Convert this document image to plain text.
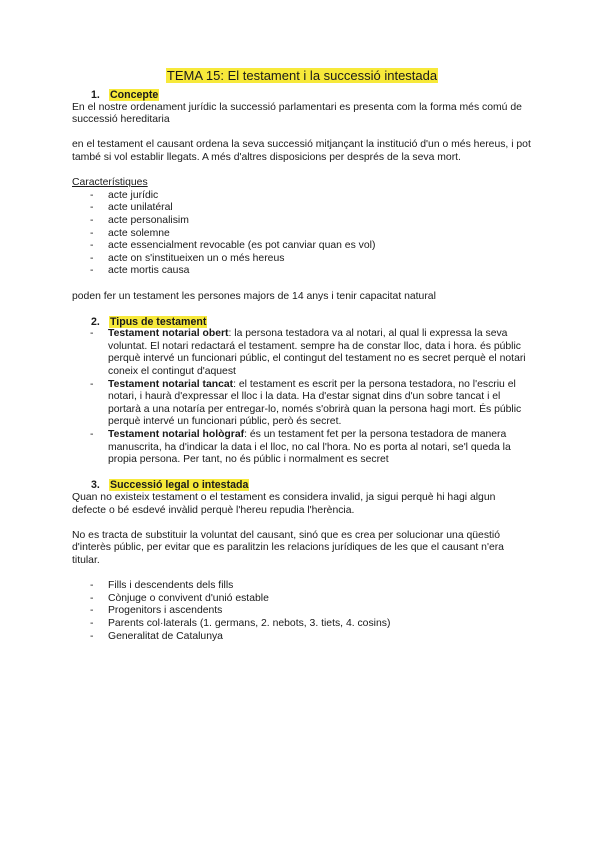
TEMA 15: El testament i la successió intestada
1. Concepte

En el nostre ordenament jurídic la successió parlamentari es presenta com la forma més comú de successió hereditaria

en el testament el causant ordena la seva successió mitjançant la institució d'un o més hereus, i pot també si vol establir llegats. A més d'altres disposicions per després de la seva mort.

Característiques

- acte jurídic
- acte unilatéral
- acte personalisim
- acte solemne
- acte essencialment revocable (es pot canviar quan es vol)
- acte on s'institueixen un o més hereus
- acte mortis causa

poden fer un testament les persones majors de 14 anys i tenir capacitat natural

2. Tipus de testament
- Testament notarial obert: la persona testadora va al notari, al qual li expressa la seva voluntat. El notari redactará el testament. sempre ha de constar lloc, data i hora. és públic perquè intervé un funcionari públic, el contingut del testament no es secret perquè el notari coneix el contingut d'aquest
- Testament notarial tancat: el testament es escrit per la persona testadora, no l'escriu el notari, i haurà d'expressar el lloc i la data. Ha d'estar signat dins d'un sobre tancat i el portarà a una notaría per entregar-lo, només s'obrirà quan la persona hagi mort. És públic perquè intervé un funcionari públic, però és secret.
- Testament notarial hològraf: és un testament fet per la persona testadora de manera manuscrita, ha d'indicar la data i el lloc, no cal l'hora. No es porta al notari, se'l queda la propia persona. Per tant, no és públic i normalment es secret
3. Successió legal o intestada

Quan no existeix testament o el testament es considera invalid, ja sigui perquè hi hagi algun defecte o bé esdevé invàlid perquè l'hereu repudia l'herència.

No es tracta de substituir la voluntat del causant, sinó que es crea per solucionar una qüestió d'interès públic, per evitar que es paralitzin les relacions jurídiques de les que el causant n'era titular.

- Fills i descendents dels fills
- Cònjuge o convivent d'unió estable
- Progenitors i ascendents
- Parents col·laterals (1. germans, 2. nebots, 3. tiets, 4. cosins)
- Generalitat de Catalunya
